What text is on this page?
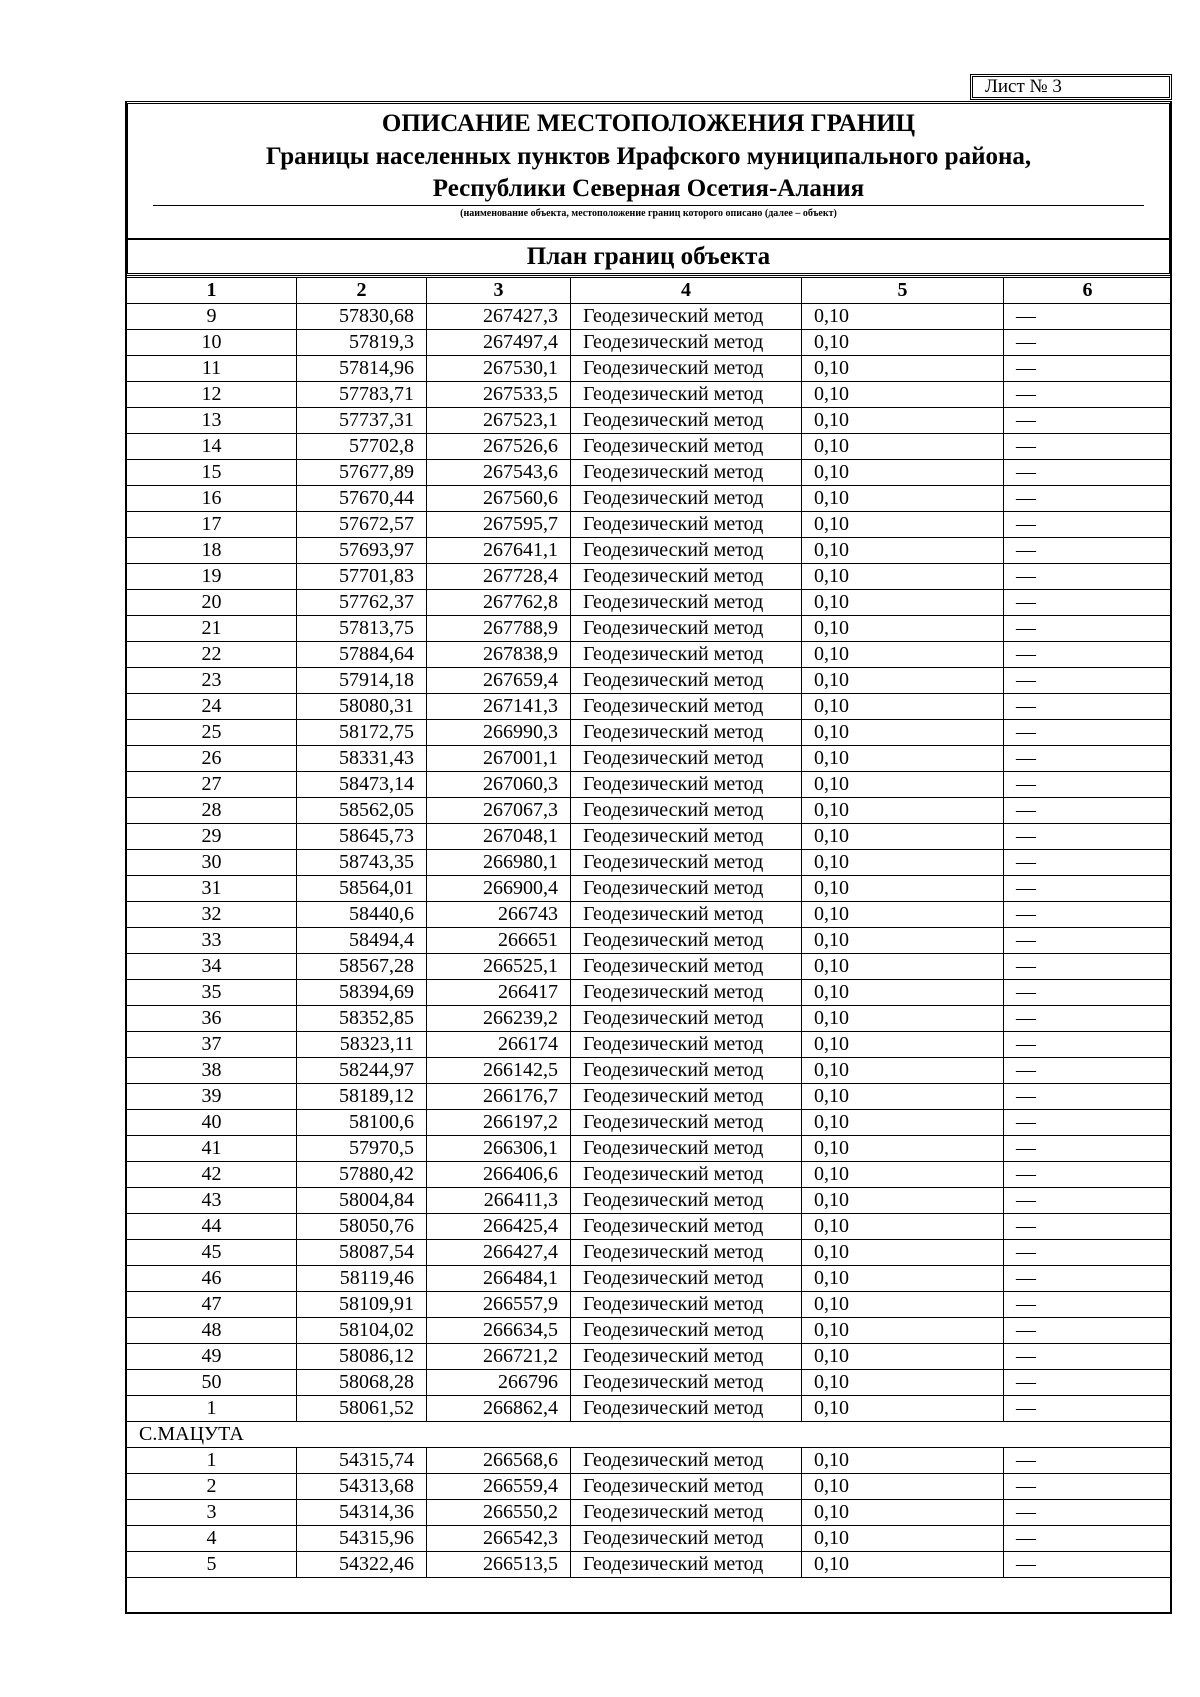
Лист № 3
ОПИСАНИЕ МЕСТОПОЛОЖЕНИЯ ГРАНИЦ
Границы населенных пунктов Ирафского муниципального района,
Республики Северная Осетия-Алания
(наименование объекта, местоположение границ которого описано (далее – объект)
План границ объекта
1	2	3	4	5	6
9	57830,68	267427,3	Геодезический метод	0,10	—
10	57819,3	267497,4	Геодезический метод	0,10	—
11	57814,96	267530,1	Геодезический метод	0,10	—
12	57783,71	267533,5	Геодезический метод	0,10	—
13	57737,31	267523,1	Геодезический метод	0,10	—
14	57702,8	267526,6	Геодезический метод	0,10	—
15	57677,89	267543,6	Геодезический метод	0,10	—
16	57670,44	267560,6	Геодезический метод	0,10	—
17	57672,57	267595,7	Геодезический метод	0,10	—
18	57693,97	267641,1	Геодезический метод	0,10	—
19	57701,83	267728,4	Геодезический метод	0,10	—
20	57762,37	267762,8	Геодезический метод	0,10	—
21	57813,75	267788,9	Геодезический метод	0,10	—
22	57884,64	267838,9	Геодезический метод	0,10	—
23	57914,18	267659,4	Геодезический метод	0,10	—
24	58080,31	267141,3	Геодезический метод	0,10	—
25	58172,75	266990,3	Геодезический метод	0,10	—
26	58331,43	267001,1	Геодезический метод	0,10	—
27	58473,14	267060,3	Геодезический метод	0,10	—
28	58562,05	267067,3	Геодезический метод	0,10	—
29	58645,73	267048,1	Геодезический метод	0,10	—
30	58743,35	266980,1	Геодезический метод	0,10	—
31	58564,01	266900,4	Геодезический метод	0,10	—
32	58440,6	266743	Геодезический метод	0,10	—
33	58494,4	266651	Геодезический метод	0,10	—
34	58567,28	266525,1	Геодезический метод	0,10	—
35	58394,69	266417	Геодезический метод	0,10	—
36	58352,85	266239,2	Геодезический метод	0,10	—
37	58323,11	266174	Геодезический метод	0,10	—
38	58244,97	266142,5	Геодезический метод	0,10	—
39	58189,12	266176,7	Геодезический метод	0,10	—
40	58100,6	266197,2	Геодезический метод	0,10	—
41	57970,5	266306,1	Геодезический метод	0,10	—
42	57880,42	266406,6	Геодезический метод	0,10	—
43	58004,84	266411,3	Геодезический метод	0,10	—
44	58050,76	266425,4	Геодезический метод	0,10	—
45	58087,54	266427,4	Геодезический метод	0,10	—
46	58119,46	266484,1	Геодезический метод	0,10	—
47	58109,91	266557,9	Геодезический метод	0,10	—
48	58104,02	266634,5	Геодезический метод	0,10	—
49	58086,12	266721,2	Геодезический метод	0,10	—
50	58068,28	266796	Геодезический метод	0,10	—
1	58061,52	266862,4	Геодезический метод	0,10	—
С.МАЦУТА					
1	54315,74	266568,6	Геодезический метод	0,10	—
2	54313,68	266559,4	Геодезический метод	0,10	—
3	54314,36	266550,2	Геодезический метод	0,10	—
4	54315,96	266542,3	Геодезический метод	0,10	—
5	54322,46	266513,5	Геодезический метод	0,10	—
